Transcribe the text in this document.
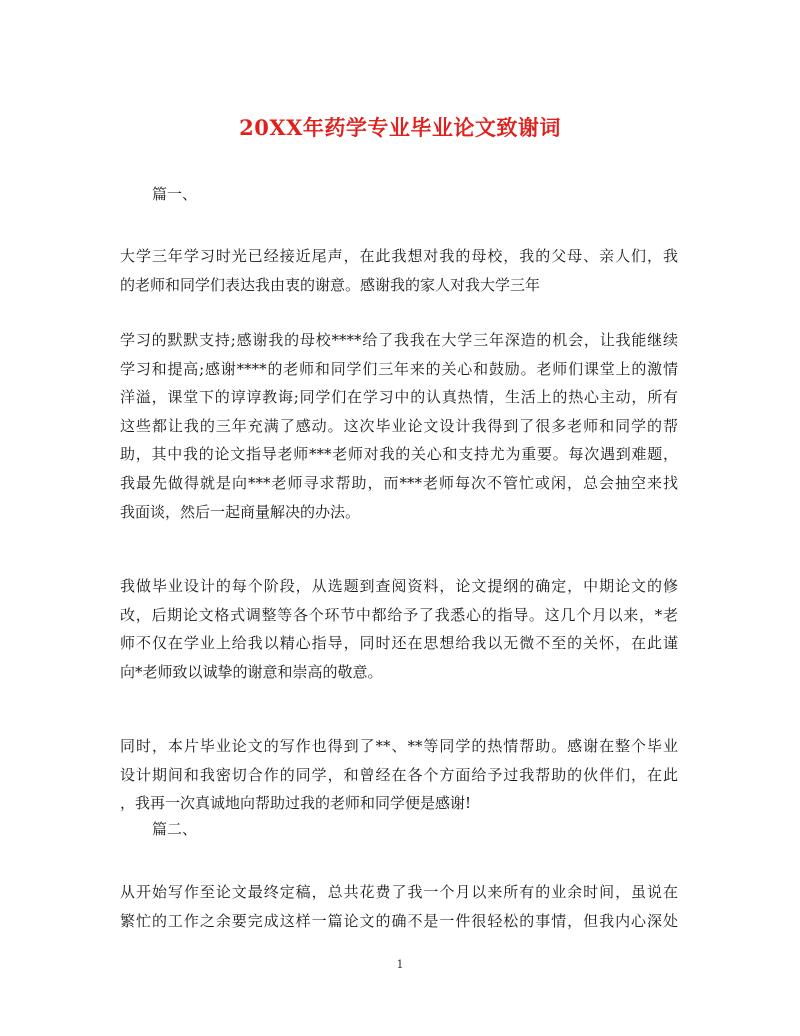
20XX年药学专业毕业论文致谢词

篇一、

大学三年学习时光已经接近尾声，在此我想对我的母校，我的父母、亲人们，我
的老师和同学们表达我由衷的谢意。感谢我的家人对我大学三年
学习的默默支持;感谢我的母校****给了我我在大学三年深造的机会，让我能继续
学习和提高;感谢****的老师和同学们三年来的关心和鼓励。老师们课堂上的激情
洋溢，课堂下的谆谆教诲;同学们在学习中的认真热情，生活上的热心主动，所有
这些都让我的三年充满了感动。这次毕业论文设计我得到了很多老师和同学的帮
助，其中我的论文指导老师***老师对我的关心和支持尤为重要。每次遇到难题，
我最先做得就是向***老师寻求帮助，而***老师每次不管忙或闲，总会抽空来找
我面谈，然后一起商量解决的办法。
我做毕业设计的每个阶段，从选题到查阅资料，论文提纲的确定，中期论文的修
改，后期论文格式调整等各个环节中都给予了我悉心的指导。这几个月以来，*老
师不仅在学业上给我以精心指导，同时还在思想给我以无微不至的关怀，在此谨
向*老师致以诚挚的谢意和崇高的敬意。
同时，本片毕业论文的写作也得到了**、**等同学的热情帮助。感谢在整个毕业
设计期间和我密切合作的同学，和曾经在各个方面给予过我帮助的伙伴们，在此
，我再一次真诚地向帮助过我的老师和同学便是感谢!

篇二、

从开始写作至论文最终定稿，总共花费了我一个月以来所有的业余时间，虽说在
繁忙的工作之余要完成这样一篇论文的确不是一件很轻松的事情，但我内心深处
1
